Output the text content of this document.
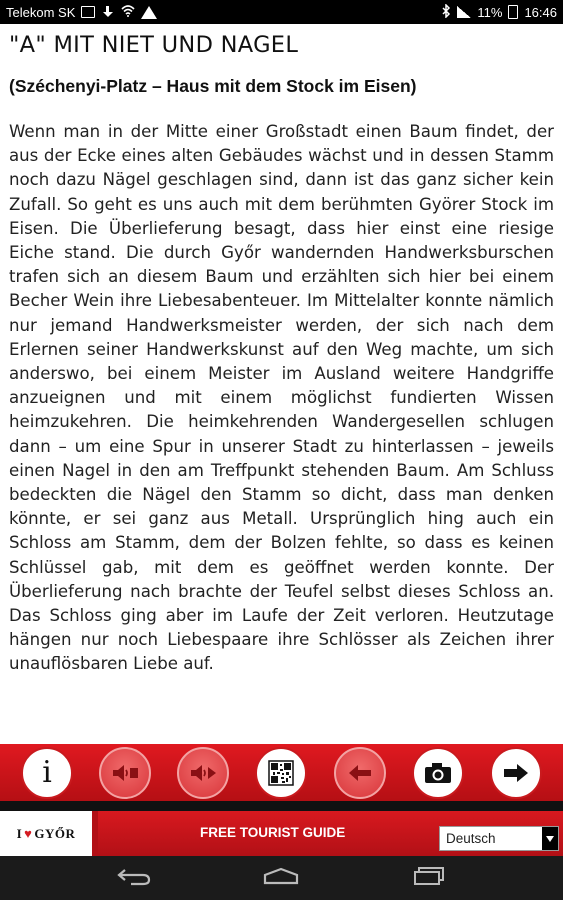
Telekom SK	11% 16:46
"A" MIT NIET UND NAGEL
(Széchenyi-Platz – Haus mit dem Stock im Eisen)

Wenn man in der Mitte einer Großstadt einen Baum findet, der aus der Ecke eines alten Gebäudes wächst und in dessen Stamm noch dazu Nägel geschlagen sind, dann ist das ganz sicher kein Zufall. So geht es uns auch mit dem berühmten Györer Stock im Eisen. Die Überlieferung besagt, dass hier einst eine riesige Eiche stand. Die durch Győr wandernden Handwerksburschen trafen sich an diesem Baum und erzählten sich hier bei einem Becher Wein ihre Liebesabenteuer. Im Mittelalter konnte nämlich nur jemand Handwerksmeister werden, der sich nach dem Erlernen seiner Handwerkskunst auf den Weg machte, um sich anderswo, bei einem Meister im Ausland weitere Handgriffe anzueignen und mit einem möglichst fundierten Wissen heimzukehren. Die heimkehrenden Wandergesellen schlugen dann – um eine Spur in unserer Stadt zu hinterlassen – jeweils einen Nagel in den am Treffpunkt stehenden Baum. Am Schluss bedeckten die Nägel den Stamm so dicht, dass man denken könnte, er sei ganz aus Metall. Ursprünglich hing auch ein Schloss am Stamm, dem der Bolzen fehlte, so dass es keinen Schlüssel gab, mit dem es geöffnet werden konnte. Der Überlieferung nach brachte der Teufel selbst dieses Schloss an. Das Schloss ging aber im Laufe der Zeit verloren. Heutzutage hängen nur noch Liebespaare ihre Schlösser als Zeichen ihrer unauflösbaren Liebe auf.

i
I ♥ GYŐR	FREE TOURIST GUIDE	Deutsch
